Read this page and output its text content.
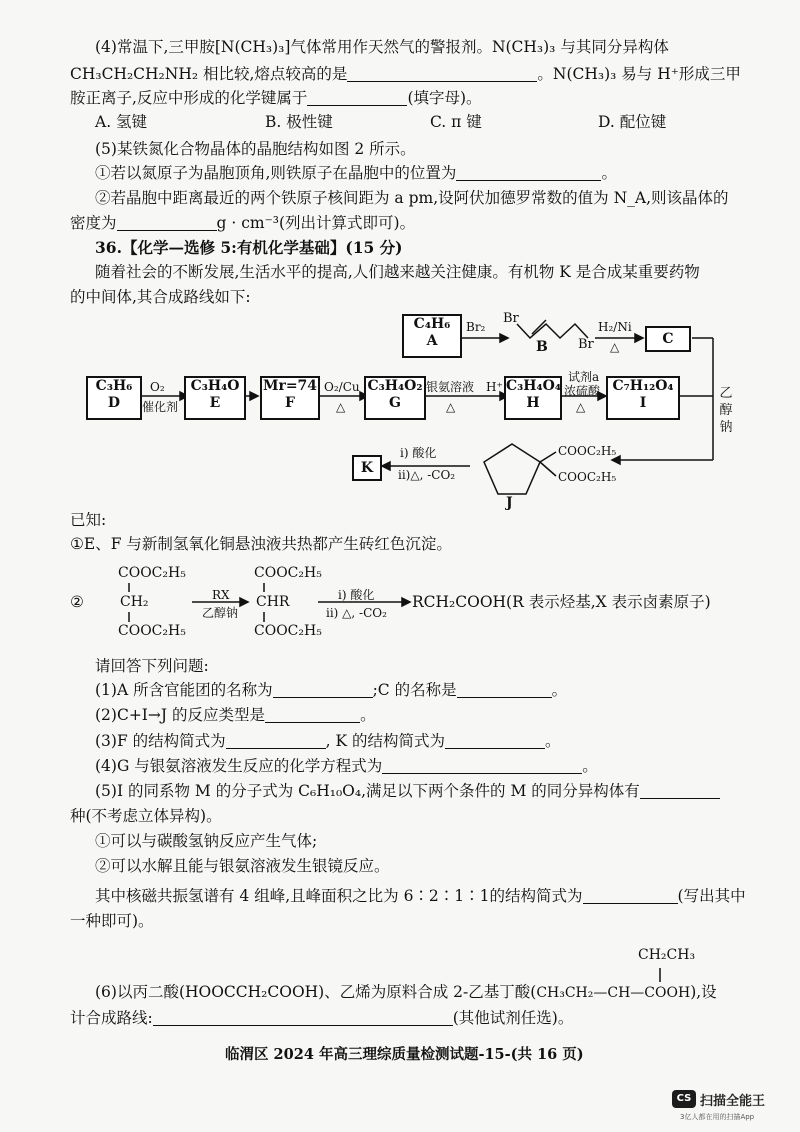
(4)常温下,三甲胺[N(CH₃)₃]气体常用作天然气的警报剂。N(CH₃)₃ 与其同分异构体
CH₃CH₂CH₂NH₂ 相比较,熔点较高的是	。N(CH₃)₃ 易与 H⁺形成三甲
胺正离子,反应中形成的化学键属于	(填字母)。
A. 氢键	B. 极性键	C. π 键	D. 配位键
(5)某铁氮化合物晶体的晶胞结构如图 2 所示。
①若以氮原子为晶胞顶角,则铁原子在晶胞中的位置为	。
②若晶胞中距离最近的两个铁原子核间距为 a pm,设阿伏加德罗常数的值为 N_A,则该晶体的
密度为	g · cm⁻³(列出计算式即可)。
36.【化学—选修 5:有机化学基础】(15 分)
随着社会的不断发展,生活水平的提高,人们越来越关注健康。有机物 K 是合成某重要药物
的中间体,其合成路线如下:
C₄H₆
A
Br₂
Br
Br
B
H₂/Ni
△	C
C₃H₆
D
O₂
催化剂
C₃H₄O
E
Mr=74
F
O₂/Cu
△
C₃H₄O₂
G
银氨溶液
△
H⁺ C₃H₄O₄
H
试剂a
浓硫酸
△
C₇H₁₂O₄
I
乙
醇
钠
K
i) 酸化
ii)△, -CO₂
COOC₂H₅
COOC₂H₅
J
已知:
①E、F 与新制氢氧化铜悬浊液共热都产生砖红色沉淀。
②
COOC₂H₅
CH₂
COOC₂H₅
RX
乙醇钠
COOC₂H₅
CHR
COOC₂H₅
i) 酸化
ii) △, -CO₂
RCH₂COOH(R 表示烃基,X 表示卤素原子)
请回答下列问题:
(1)A 所含官能团的名称为	;C 的名称是	。
(2)C+I→J 的反应类型是	。
(3)F 的结构简式为	, K 的结构简式为	。
(4)G 与银氨溶液发生反应的化学方程式为	。
(5)I 的同系物 M 的分子式为 C₆H₁₀O₄,满足以下两个条件的 M 的同分异构体有
种(不考虑立体异构)。
①可以与碳酸氢钠反应产生气体;
②可以水解且能与银氨溶液发生银镜反应。
其中核磁共振氢谱有 4 组峰,且峰面积之比为 6∶2∶1∶1的结构简式为	(写出其中
一种即可)。
CH₂CH₃
(6)以丙二酸(HOOCCH₂COOH)、乙烯为原料合成 2-乙基丁酸(CH₃CH₂—CH—COOH),设
计合成路线:	(其他试剂任选)。
临渭区 2024 年高三理综质量检测试题-15-(共 16 页)
CS 扫描全能王
3亿人都在用的扫描App
